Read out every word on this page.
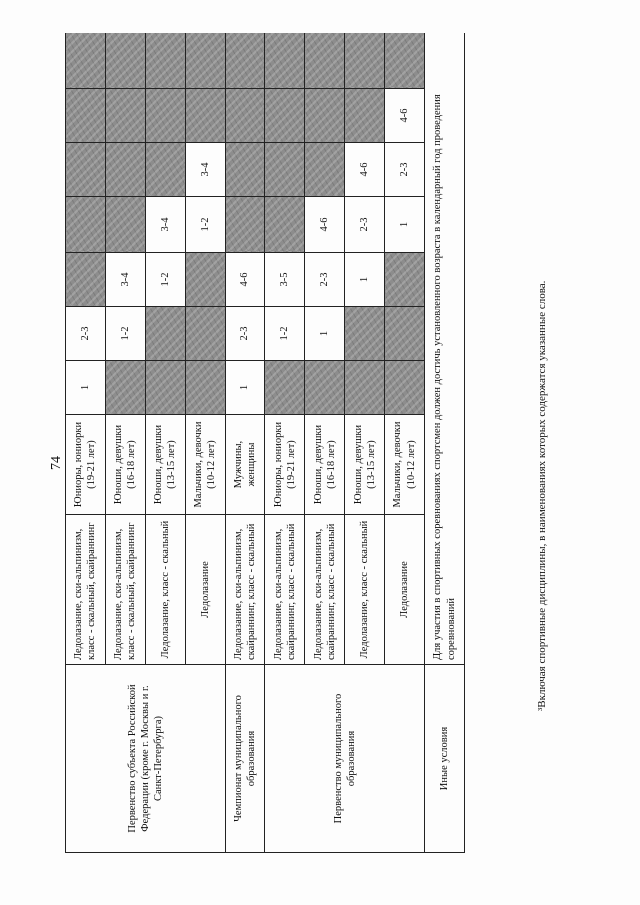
74
Первенство субъекта Российской Федерации (кроме г. Москвы и г. Санкт-Петербурга)	Ледолазание, ски-альпинизм, класс - скальный, скайраннинг	Юниоры, юниорки (19-21 лет)	1	2-3					
	Ледолазание, ски-альпинизм, класс - скальный, скайраннинг	Юноши, девушки (16-18 лет)		1-2	3-4				
	Ледолазание, класс - скальный	Юноши, девушки (13-15 лет)			1-2	3-4			
	Ледолазание	Мальчики, девочки (10-12 лет)				1-2	3-4		
Чемпионат муниципального образования	Ледолазание, ски-альпинизм, скайраннинг, класс - скальный	Мужчины, женщины	1	2-3	4-6				
Первенство муниципального образования	Ледолазание, ски-альпинизм, скайраннинг, класс - скальный	Юниоры, юниорки (19-21 лет)		1-2	3-5				
	Ледолазание, ски-альпинизм, скайраннинг, класс - скальный	Юноши, девушки (16-18 лет)		1	2-3	4-6			
	Ледолазание, класс - скальный	Юноши, девушки (13-15 лет)			1	2-3	4-6		
	Ледолазание	Мальчики, девочки (10-12 лет)				1	2-3	4-6	
Иные условия	Для участия в спортивных соревнованиях спортсмен должен достичь установленного возраста в календарный год проведения соревнований									³Включая спортивные дисциплины, в наименованиях которых содержатся указанные слова.
